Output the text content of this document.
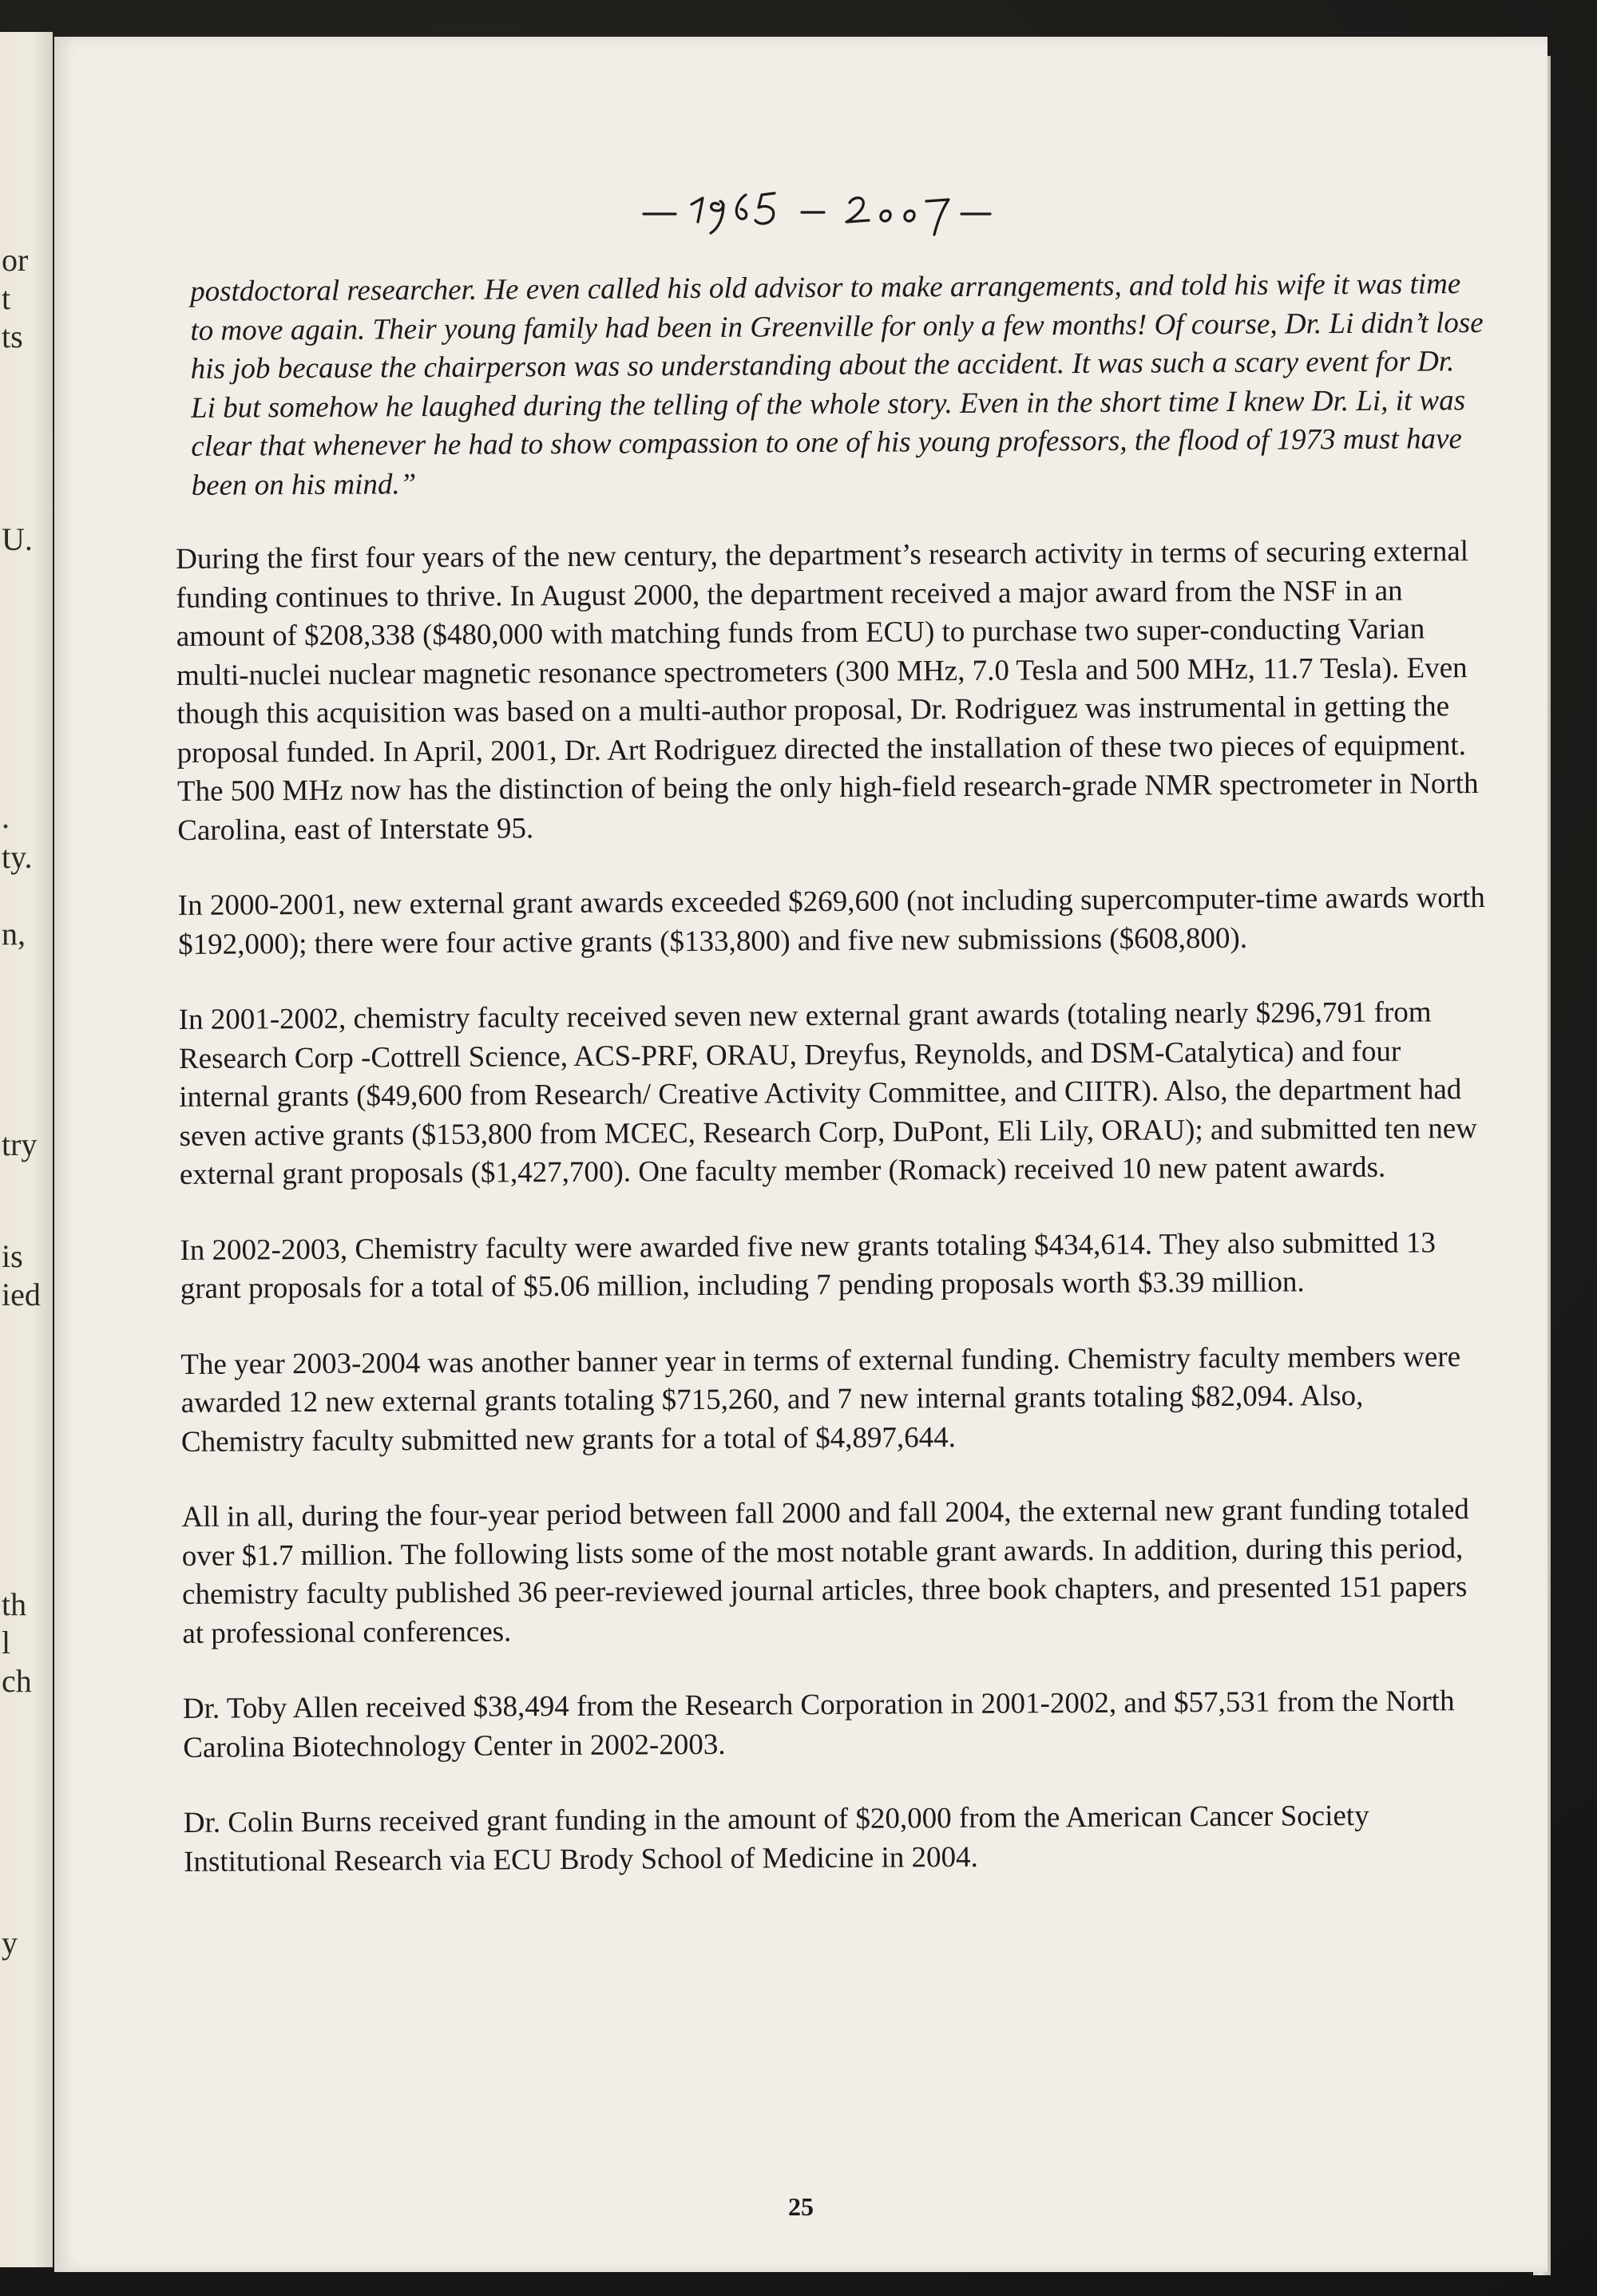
or
t
ts
U.
.
ty.
n,
try
is
ied
th
l
ch
y
postdoctoral researcher. He even called his old advisor to make arrangements, and told his wife it was time to move again. Their young family had been in Greenville for only a few months! Of course, Dr. Li didn’t lose his job because the chairperson was so understanding about the accident. It was such a scary event for Dr. Li but somehow he laughed during the telling of the whole story. Even in the short time I knew Dr. Li, it was clear that whenever he had to show compassion to one of his young professors, the flood of 1973 must have been on his mind.”

During the first four years of the new century, the department’s research activity in terms of securing external funding continues to thrive. In August 2000, the department received a major award from the NSF in an amount of $208,338 ($480,000 with matching funds from ECU) to purchase two super-conducting Varian multi-nuclei nuclear magnetic resonance spectrometers (300 MHz, 7.0 Tesla and 500 MHz, 11.7 Tesla). Even though this acquisition was based on a multi-author proposal, Dr. Rodriguez was instrumental in getting the proposal funded. In April, 2001, Dr. Art Rodriguez directed the installation of these two pieces of equipment. The 500 MHz now has the distinction of being the only high-field research-grade NMR spectrometer in North Carolina, east of Interstate 95.

In 2000-2001, new external grant awards exceeded $269,600 (not including supercomputer-time awards worth $192,000); there were four active grants ($133,800) and five new submissions ($608,800).

In 2001-2002, chemistry faculty received seven new external grant awards (totaling nearly $296,791 from Research Corp -Cottrell Science, ACS-PRF, ORAU, Dreyfus, Reynolds, and DSM-Catalytica) and four internal grants ($49,600 from Research/ Creative Activity Committee, and CIITR). Also, the department had seven active grants ($153,800 from MCEC, Research Corp, DuPont, Eli Lily, ORAU); and submitted ten new external grant proposals ($1,427,700). One faculty member (Romack) received 10 new patent awards.

In 2002-2003, Chemistry faculty were awarded five new grants totaling $434,614. They also submitted 13 grant proposals for a total of $5.06 million, including 7 pending proposals worth $3.39 million.

The year 2003-2004 was another banner year in terms of external funding. Chemistry faculty members were awarded 12 new external grants totaling $715,260, and 7 new internal grants totaling $82,094. Also, Chemistry faculty submitted new grants for a total of $4,897,644.

All in all, during the four-year period between fall 2000 and fall 2004, the external new grant funding totaled over $1.7 million. The following lists some of the most notable grant awards. In addition, during this period, chemistry faculty published 36 peer-reviewed journal articles, three book chapters, and presented 151 papers at professional conferences.

Dr. Toby Allen received $38,494 from the Research Corporation in 2001-2002, and $57,531 from the North Carolina Biotechnology Center in 2002-2003.

Dr. Colin Burns received grant funding in the amount of $20,000 from the American Cancer Society Institutional Research via ECU Brody School of Medicine in 2004.

25
